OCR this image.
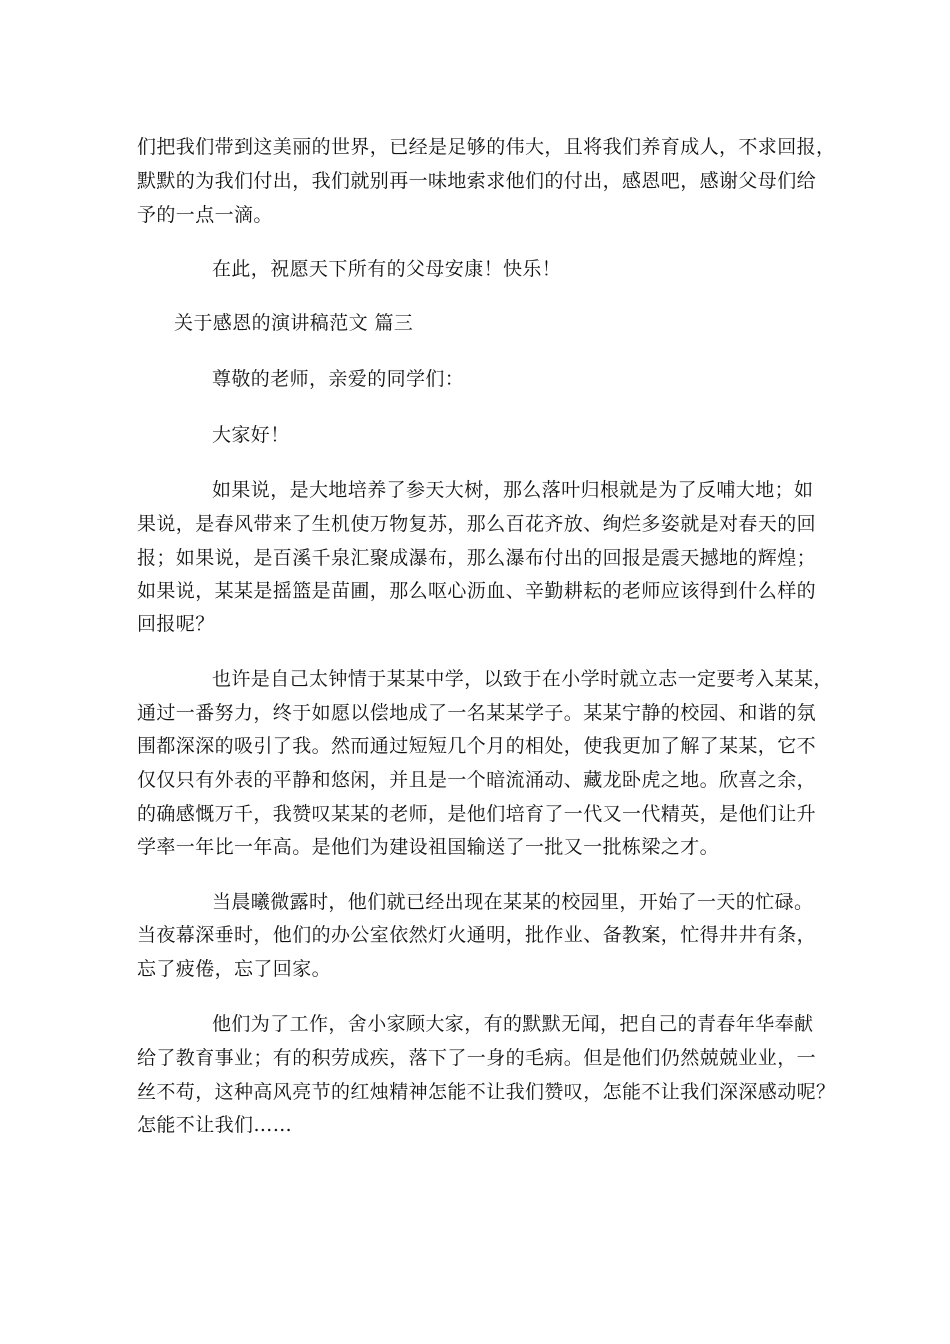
们把我们带到这美丽的世界，已经是足够的伟大，且将我们养育成人，不求回报，
默默的为我们付出，我们就别再一味地索求他们的付出，感恩吧，感谢父母们给
予的一点一滴。
在此，祝愿天下所有的父母安康！快乐！
关于感恩的演讲稿范文 篇三
尊敬的老师，亲爱的同学们：
大家好！
如果说，是大地培养了参天大树，那么落叶归根就是为了反哺大地；如
果说，是春风带来了生机使万物复苏，那么百花齐放、绚烂多姿就是对春天的回
报；如果说，是百溪千泉汇聚成瀑布，那么瀑布付出的回报是震天撼地的辉煌；
如果说，某某是摇篮是苗圃，那么呕心沥血、辛勤耕耘的老师应该得到什么样的
回报呢？
也许是自己太钟情于某某中学，以致于在小学时就立志一定要考入某某，
通过一番努力，终于如愿以偿地成了一名某某学子。某某宁静的校园、和谐的氛
围都深深的吸引了我。然而通过短短几个月的相处，使我更加了解了某某，它不
仅仅只有外表的平静和悠闲，并且是一个暗流涌动、藏龙卧虎之地。欣喜之余，
的确感慨万千，我赞叹某某的老师，是他们培育了一代又一代精英，是他们让升
学率一年比一年高。是他们为建设祖国输送了一批又一批栋梁之才。
当晨曦微露时，他们就已经出现在某某的校园里，开始了一天的忙碌。
当夜幕深垂时，他们的办公室依然灯火通明，批作业、备教案，忙得井井有条，
忘了疲倦，忘了回家。
他们为了工作，舍小家顾大家，有的默默无闻，把自己的青春年华奉献
给了教育事业；有的积劳成疾，落下了一身的毛病。但是他们仍然兢兢业业，一
丝不苟，这种高风亮节的红烛精神怎能不让我们赞叹，怎能不让我们深深感动呢？
怎能不让我们……
